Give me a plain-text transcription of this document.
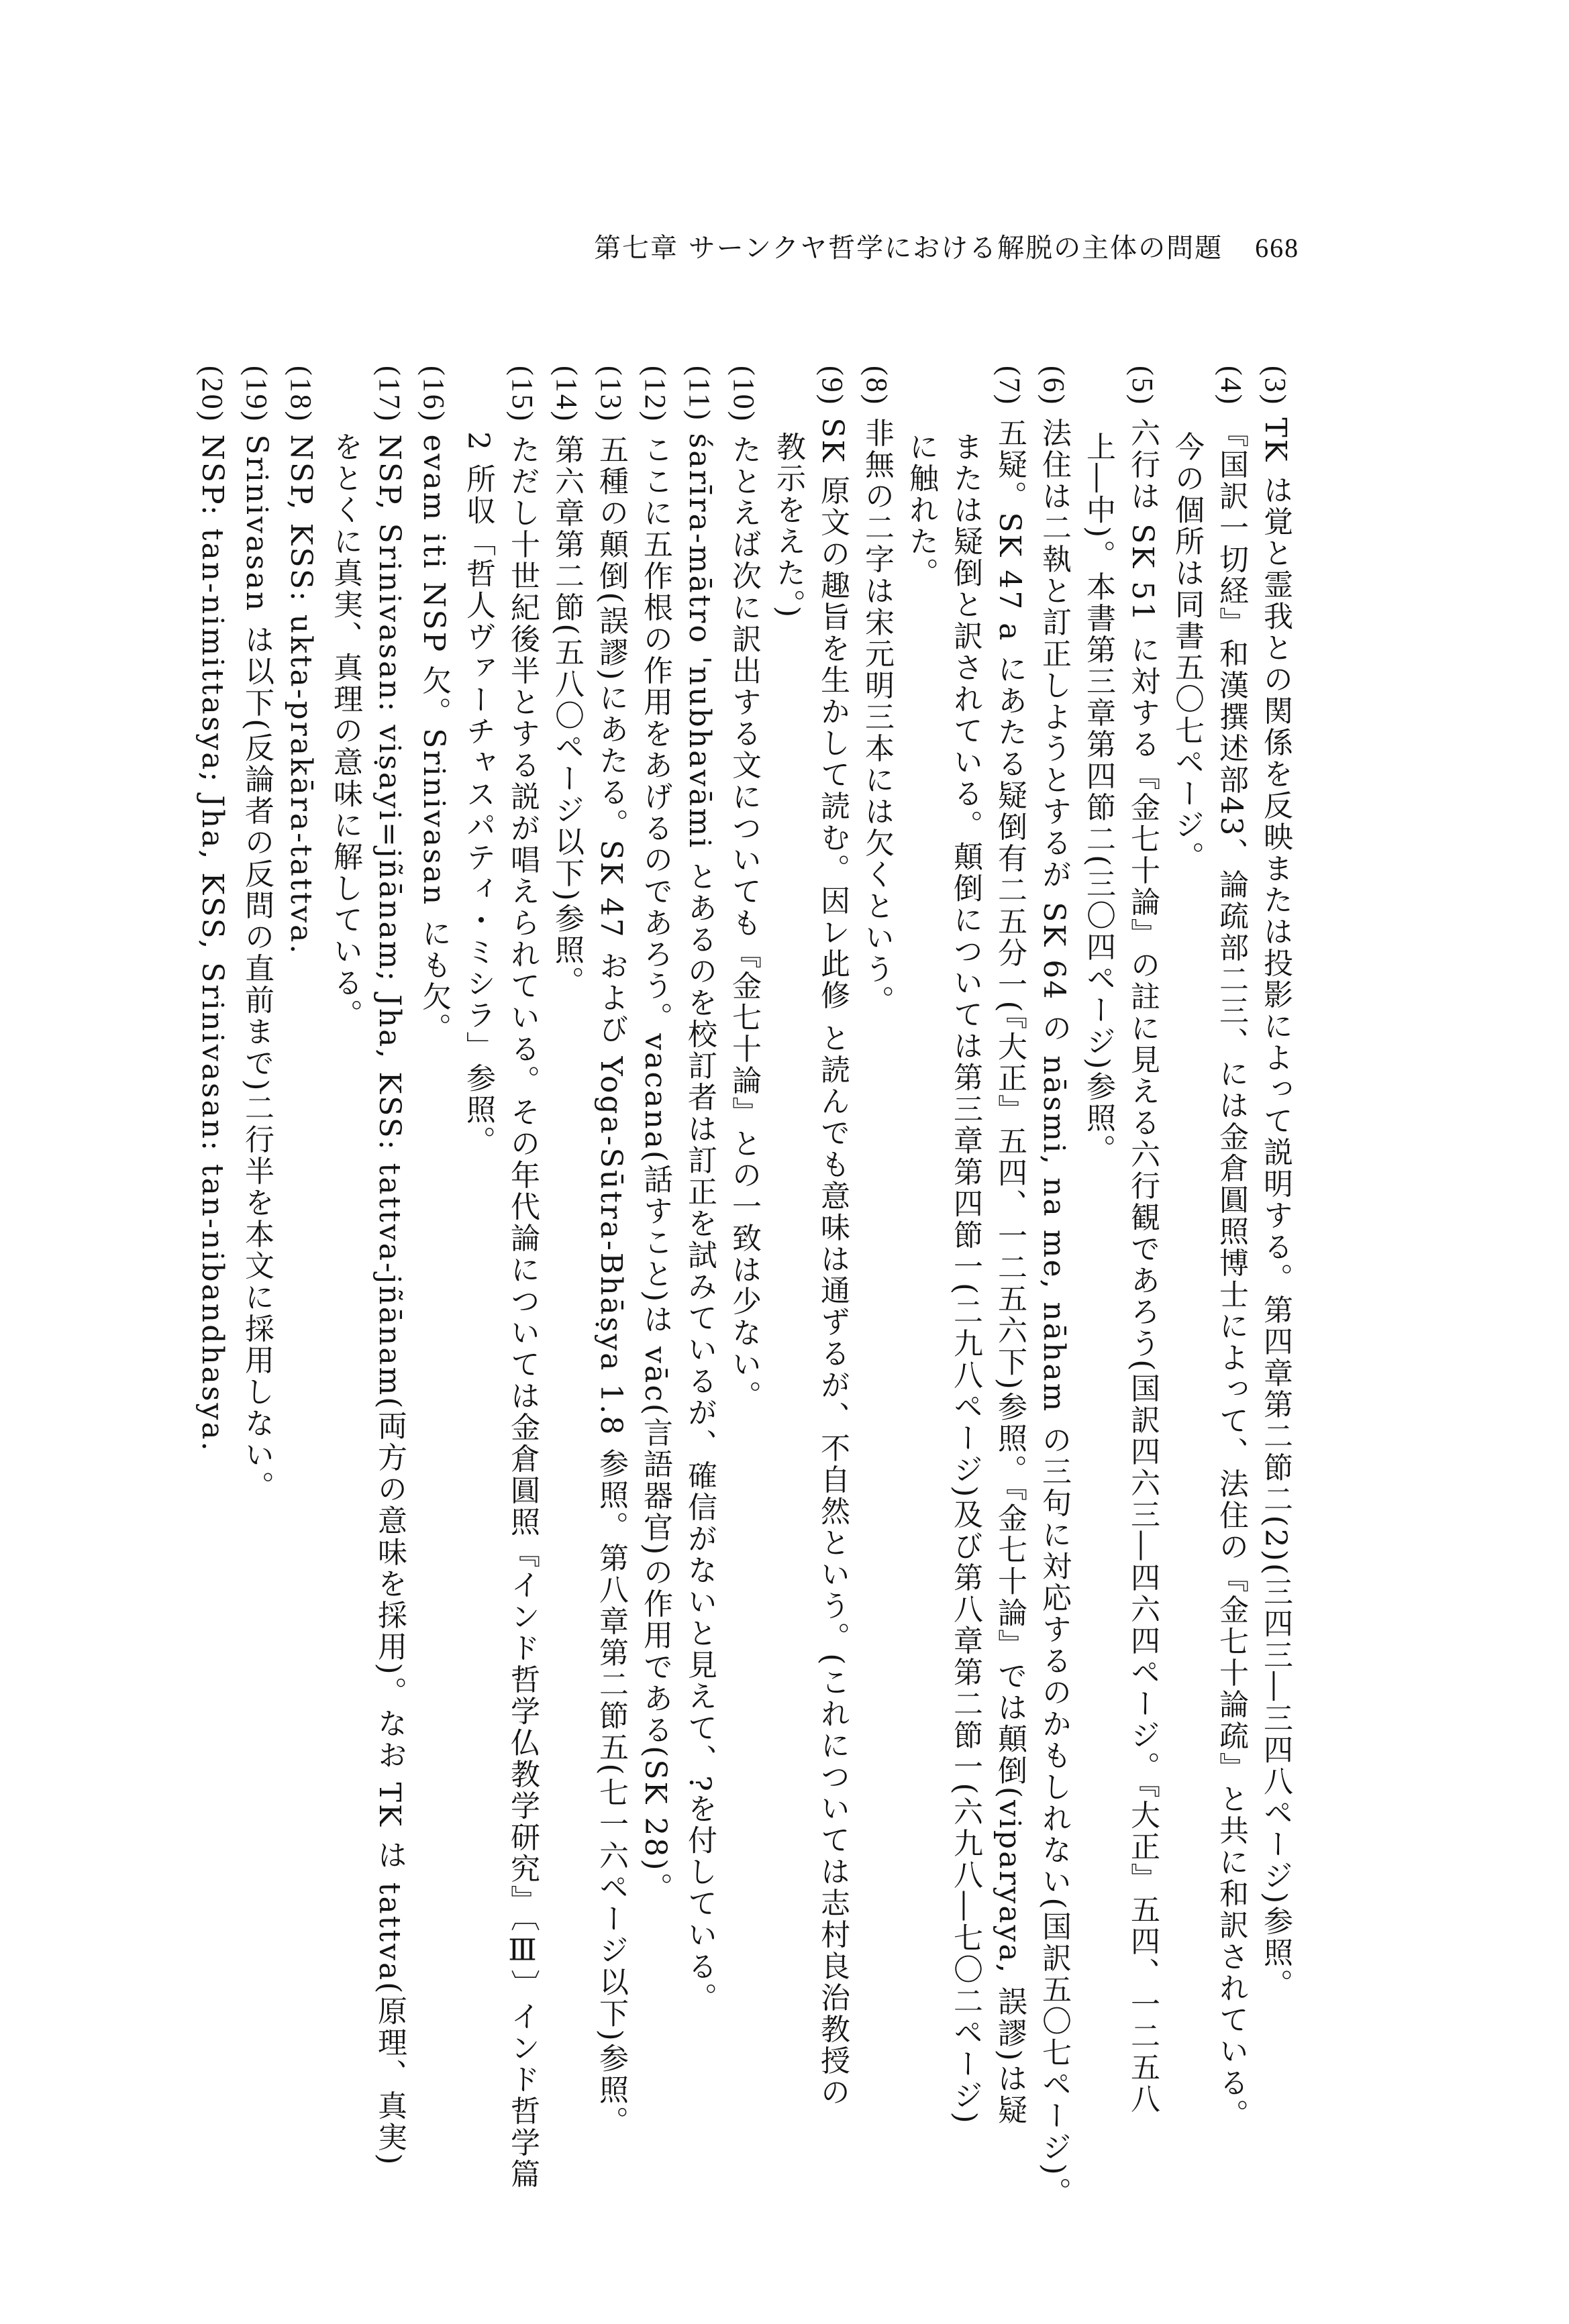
第七章 サーンクヤ哲学における解脱の主体の問題 668
(3) TK は覚と霊我との関係を反映または投影によって説明する。第四章第二節二(2)(三四三―三四八ページ)参照。
(4) 『国訳一切経』和漢撰述部43、論疏部二三、には金倉圓照博士によって、法住の『金七十論疏』と共に和訳されている。
今の個所は同書五〇七ページ。
(5) 六行は SK 51 に対する『金七十論』の註に見える六行観であろう(国訳四六三―四六四ページ。『大正』五四、一二五八
上―中)。本書第三章第四節二(三〇四ページ)参照。
(6) 法住は二執と訂正しようとするが SK 64 の nāsmi, na me, nāham の三句に対応するのかもしれない(国訳五〇七ページ)。
(7) 五疑。SK 47 a にあたる疑倒有二五分一(『大正』五四、一二五六下)参照。『金七十論』では顛倒(viparyaya, 誤謬)は疑
または疑倒と訳されている。顛倒については第三章第四節一(二九八ページ)及び第八章第二節一(六九八―七〇二ページ)
に触れた。
(8) 非無の二字は宋元明三本には欠くという。
(9) SK 原文の趣旨を生かして読む。因レ此修 と読んでも意味は通ずるが、不自然という。(これについては志村良治教授の
教示をえた。)
(10) たとえば次に訳出する文についても『金七十論』との一致は少ない。
(11) śarīra-mātro 'nubhavāmi とあるのを校訂者は訂正を試みているが、確信がないと見えて、?を付している。
(12) ここに五作根の作用をあげるのであろう。vacana(話すこと)は vāc(言語器官)の作用である(SK 28)。
(13) 五種の顛倒(誤謬)にあたる。SK 47 および Yoga-Sūtra-Bhāṣya 1.8 参照。第八章第二節五(七一六ページ以下)参照。
(14) 第六章第二節(五八〇ページ以下)参照。
(15) ただし十世紀後半とする説が唱えられている。その年代論については金倉圓照『インド哲学仏教学研究』〔Ⅲ〕インド哲学篇
2 所収「哲人ヴァーチャスパティ・ミシラ」参照。
(16) evam iti NSP 欠。Srinivasan にも欠。
(17) NSP, Srinivasan: viṣayi=jñānam; Jha, KSS: tattva-jñānam(両方の意味を採用)。なお TK は tattva(原理、真実)
をとくに真実、真理の意味に解している。
(18) NSP, KSS: ukta-prakāra-tattva.
(19) Srinivasan は以下(反論者の反問の直前まで)二行半を本文に採用しない。
(20) NSP: tan-nimittasya; Jha, KSS, Srinivasan: tan-nibandhasya.
